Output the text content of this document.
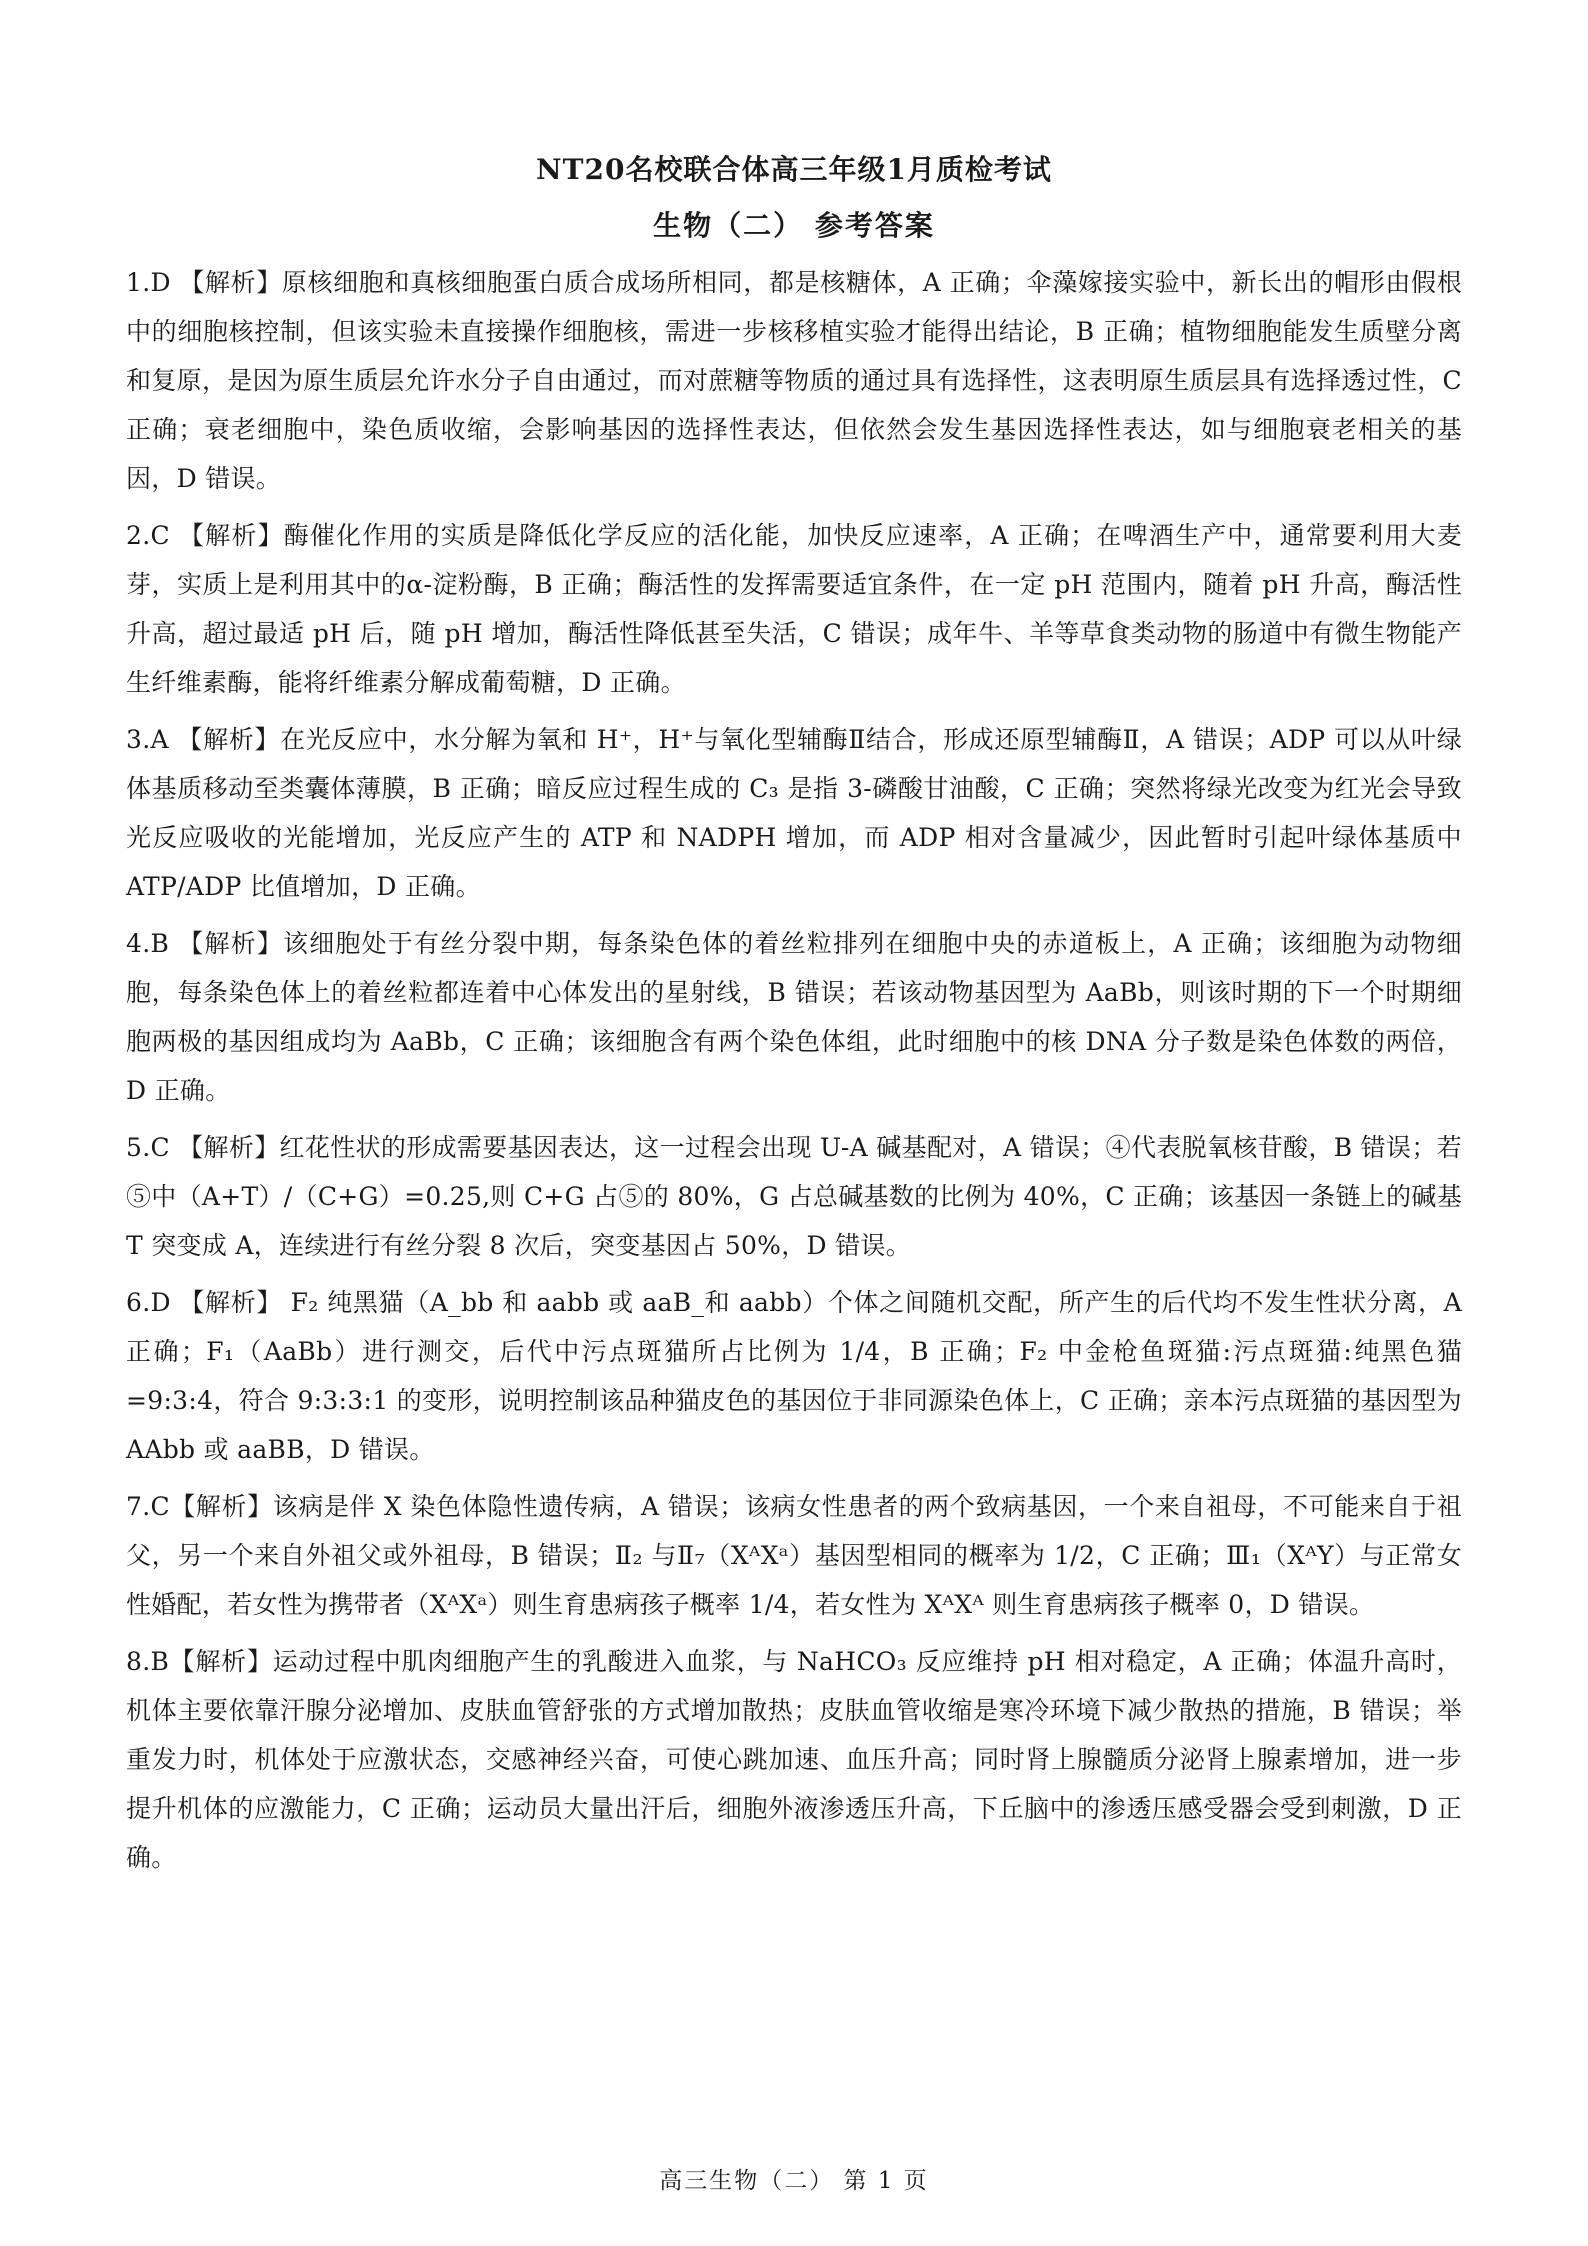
NT20名校联合体高三年级1月质检考试
生物（二） 参考答案

1.D 【解析】原核细胞和真核细胞蛋白质合成场所相同，都是核糖体，A 正确；伞藻嫁接实验中，新长出的帽形由假根中的细胞核控制，但该实验未直接操作细胞核，需进一步核移植实验才能得出结论，B 正确；植物细胞能发生质壁分离和复原，是因为原生质层允许水分子自由通过，而对蔗糖等物质的通过具有选择性，这表明原生质层具有选择透过性，C 正确；衰老细胞中，染色质收缩，会影响基因的选择性表达，但依然会发生基因选择性表达，如与细胞衰老相关的基因，D 错误。

2.C 【解析】酶催化作用的实质是降低化学反应的活化能，加快反应速率，A 正确；在啤酒生产中，通常要利用大麦芽，实质上是利用其中的α-淀粉酶，B 正确；酶活性的发挥需要适宜条件，在一定 pH 范围内，随着 pH 升高，酶活性升高，超过最适 pH 后，随 pH 增加，酶活性降低甚至失活，C 错误；成年牛、羊等草食类动物的肠道中有微生物能产生纤维素酶，能将纤维素分解成葡萄糖，D 正确。

3.A 【解析】在光反应中，水分解为氧和 H⁺，H⁺与氧化型辅酶Ⅱ结合，形成还原型辅酶Ⅱ，A 错误；ADP 可以从叶绿体基质移动至类囊体薄膜，B 正确；暗反应过程生成的 C₃ 是指 3-磷酸甘油酸，C 正确；突然将绿光改变为红光会导致光反应吸收的光能增加，光反应产生的 ATP 和 NADPH 增加，而 ADP 相对含量减少，因此暂时引起叶绿体基质中 ATP/ADP 比值增加，D 正确。

4.B 【解析】该细胞处于有丝分裂中期，每条染色体的着丝粒排列在细胞中央的赤道板上，A 正确；该细胞为动物细胞，每条染色体上的着丝粒都连着中心体发出的星射线，B 错误；若该动物基因型为 AaBb，则该时期的下一个时期细胞两极的基因组成均为 AaBb，C 正确；该细胞含有两个染色体组，此时细胞中的核 DNA 分子数是染色体数的两倍，D 正确。

5.C 【解析】红花性状的形成需要基因表达，这一过程会出现 U-A 碱基配对，A 错误；④代表脱氧核苷酸，B 错误；若⑤中（A+T）/（C+G）=0.25,则 C+G 占⑤的 80%，G 占总碱基数的比例为 40%，C 正确；该基因一条链上的碱基 T 突变成 A，连续进行有丝分裂 8 次后，突变基因占 50%，D 错误。

6.D 【解析】 F₂ 纯黑猫（A_bb 和 aabb 或 aaB_和 aabb）个体之间随机交配，所产生的后代均不发生性状分离，A 正确；F₁（AaBb）进行测交，后代中污点斑猫所占比例为 1/4，B 正确；F₂ 中金枪鱼斑猫:污点斑猫:纯黑色猫=9:3:4，符合 9:3:3:1 的变形，说明控制该品种猫皮色的基因位于非同源染色体上，C 正确；亲本污点斑猫的基因型为 AAbb 或 aaBB，D 错误。

7.C【解析】该病是伴 X 染色体隐性遗传病，A 错误；该病女性患者的两个致病基因，一个来自祖母，不可能来自于祖父，另一个来自外祖父或外祖母，B 错误；Ⅱ₂ 与Ⅱ₇（XᴬXᵃ）基因型相同的概率为 1/2，C 正确；Ⅲ₁（XᴬY）与正常女性婚配，若女性为携带者（XᴬXᵃ）则生育患病孩子概率 1/4，若女性为 XᴬXᴬ 则生育患病孩子概率 0，D 错误。

8.B【解析】运动过程中肌肉细胞产生的乳酸进入血浆，与 NaHCO₃ 反应维持 pH 相对稳定，A 正确；体温升高时，机体主要依靠汗腺分泌增加、皮肤血管舒张的方式增加散热；皮肤血管收缩是寒冷环境下减少散热的措施，B 错误；举重发力时，机体处于应激状态，交感神经兴奋，可使心跳加速、血压升高；同时肾上腺髓质分泌肾上腺素增加，进一步提升机体的应激能力，C 正确；运动员大量出汗后，细胞外液渗透压升高，下丘脑中的渗透压感受器会受到刺激，D 正确。

高三生物（二） 第 1 页
